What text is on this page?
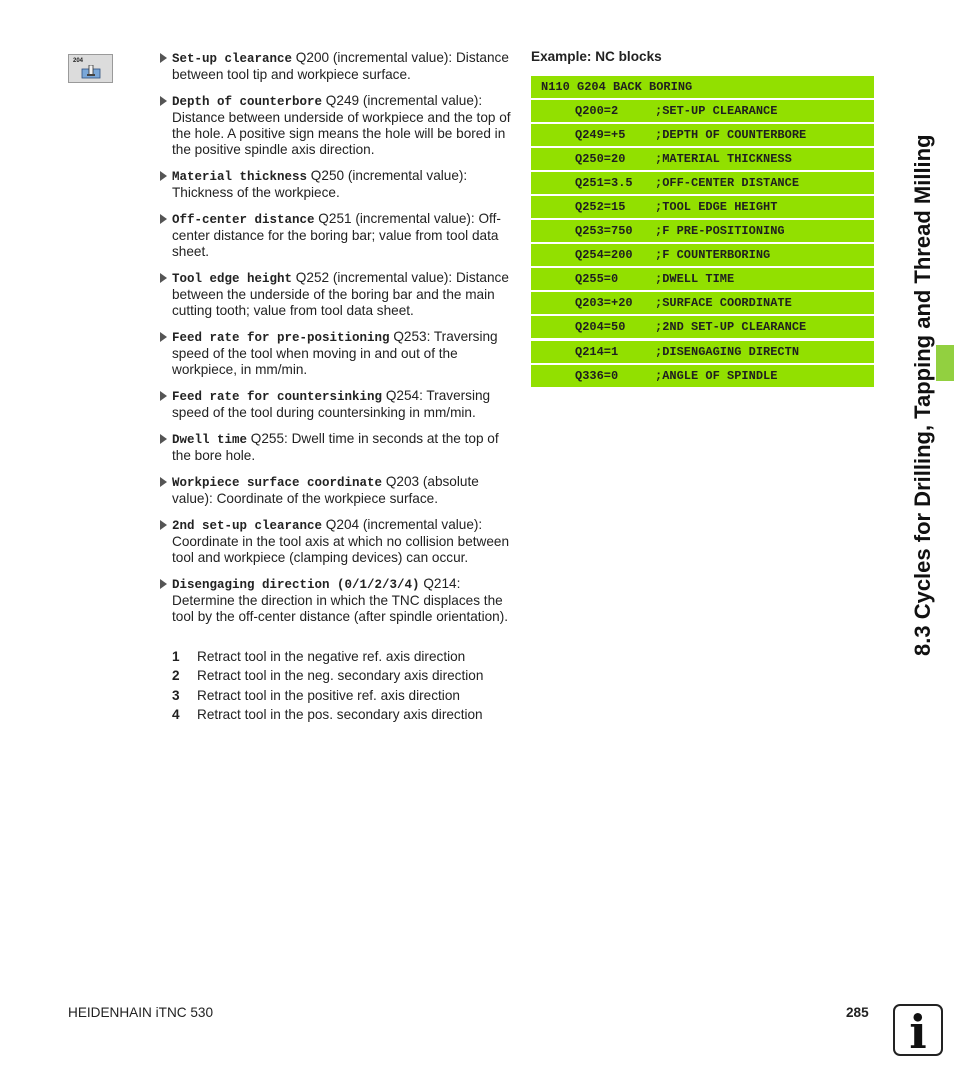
204	Set-up clearance Q200 (incremental value): Distance between tool tip and workpiece surface.
Depth of counterbore Q249 (incremental value): Distance between underside of workpiece and the top of the hole. A positive sign means the hole will be bored in the positive spindle axis direction.
Material thickness Q250 (incremental value): Thickness of the workpiece.
Off-center distance Q251 (incremental value): Off-center distance for the boring bar; value from tool data sheet.
Tool edge height Q252 (incremental value): Distance between the underside of the boring bar and the main cutting tooth; value from tool data sheet.
Feed rate for pre-positioning Q253: Traversing speed of the tool when moving in and out of the workpiece, in mm/min.
Feed rate for countersinking Q254: Traversing speed of the tool during countersinking in mm/min.
Dwell time Q255: Dwell time in seconds at the top of the bore hole.
Workpiece surface coordinate Q203 (absolute value): Coordinate of the workpiece surface.
2nd set-up clearance Q204 (incremental value): Coordinate in the tool axis at which no collision between tool and workpiece (clamping devices) can occur.
Disengaging direction (0/1/2/3/4) Q214: Determine the direction in which the TNC displaces the tool by the off-center distance (after spindle orientation).
1	Retract tool in the negative ref. axis direction
2	Retract tool in the neg. secondary axis direction
3	Retract tool in the positive ref. axis direction
4	Retract tool in the pos. secondary axis direction
Example: NC blocks
N110 G204 BACK BORING
Q200=2	;SET-UP CLEARANCE
Q249=+5 ;DEPTH OF COUNTERBORE
Q250=20 ;MATERIAL THICKNESS
Q251=3.5 ;OFF-CENTER DISTANCE
Q252=15 ;TOOL EDGE HEIGHT
Q253=750 ;F PRE-POSITIONING
Q254=200 ;F COUNTERBORING
Q255=0	;DWELL TIME
Q203=+20 ;SURFACE COORDINATE
Q204=50 ;2ND SET-UP CLEARANCE
Q214=1	;DISENGAGING DIRECTN
Q336=0	;ANGLE OF SPINDLE	8.3 Cycles for Drilling, Tapping and Thread Milling
HEIDENHAIN iTNC 530	285 i
